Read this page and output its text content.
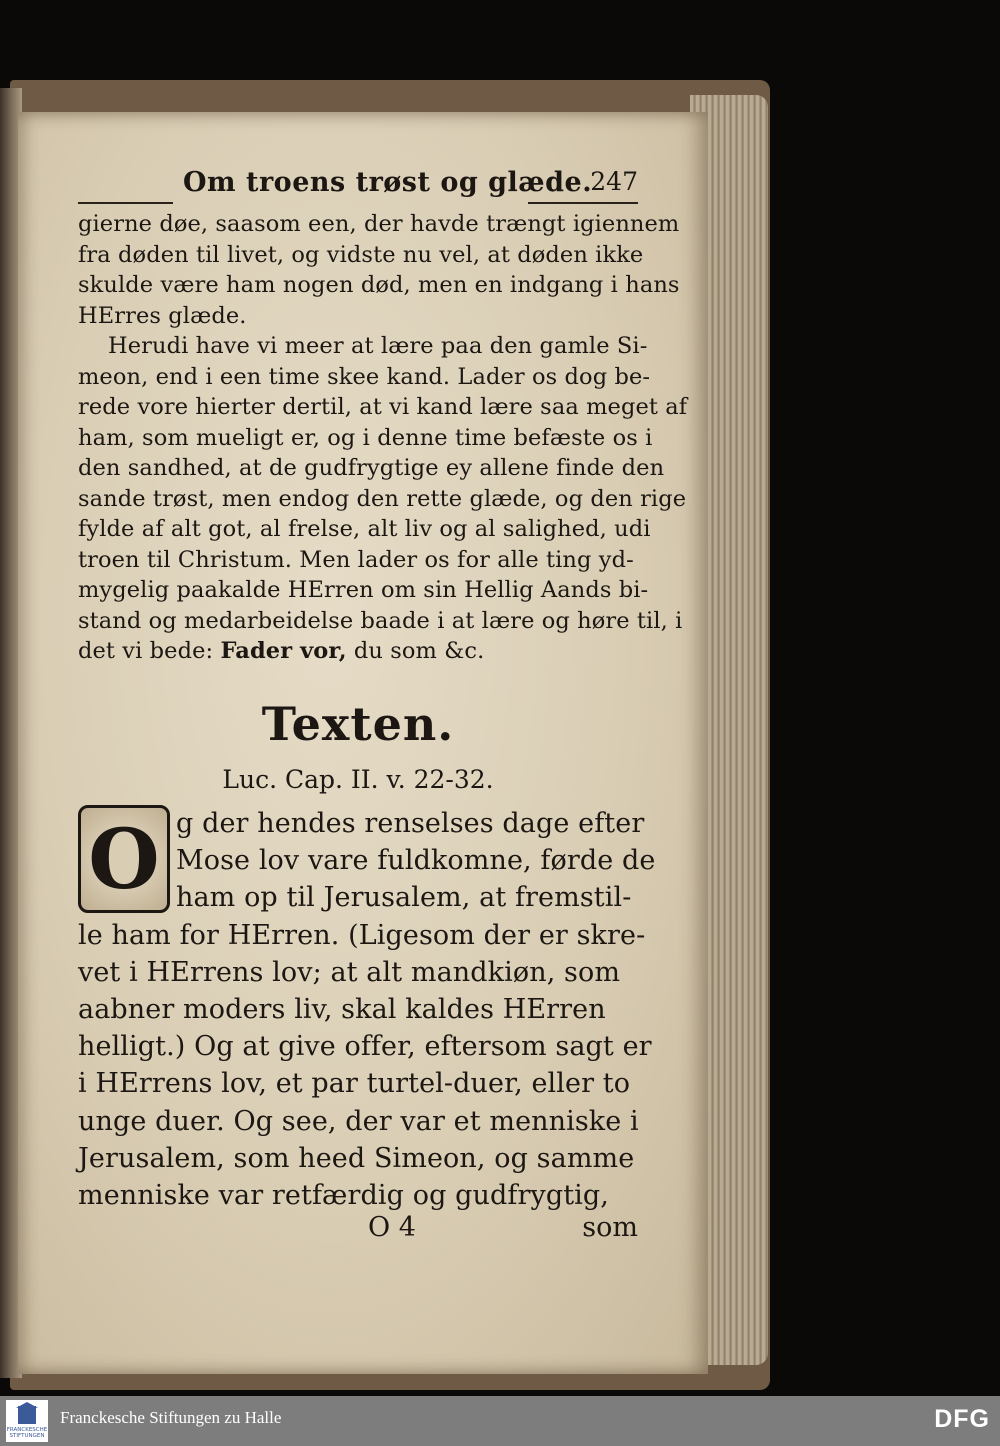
Om troens trøst og glæde.
247
gierne døe, saasom een, der havde trængt igiennem
fra døden til livet, og vidste nu vel, at døden ikke
skulde være ham nogen død, men en indgang i hans
HErres glæde.
Herudi have vi meer at lære paa den gamle Si-
meon, end i een time skee kand. Lader os dog be-
rede vore hierter dertil, at vi kand lære saa meget af
ham, som mueligt er, og i denne time befæste os i
den sandhed, at de gudfrygtige ey allene finde den
sande trøst, men endog den rette glæde, og den rige
fylde af alt got, al frelse, alt liv og al salighed, udi
troen til Christum. Men lader os for alle ting yd-
mygelig paakalde HErren om sin Hellig Aands bi-
stand og medarbeidelse baade i at lære og høre til, i
det vi bede: Fader vor, du som &c.
Texten.
Luc. Cap. II. v. 22-32.
O g der hendes renselses dage efter
Mose lov vare fuldkomne, førde de
ham op til Jerusalem, at fremstil-
le ham for HErren. (Ligesom der er skre-
vet i HErrens lov; at alt mandkiøn, som
aabner moders liv, skal kaldes HErren
helligt.) Og at give offer, eftersom sagt er
i HErrens lov, et par turtel-duer, eller to
unge duer. Og see, der var et menniske i
Jerusalem, som heed Simeon, og samme
menniske var retfærdig og gudfrygtig,
O 4	som
FRANCKESCHE
STIFTUNGEN
Franckesche Stiftungen zu Halle	DFG
